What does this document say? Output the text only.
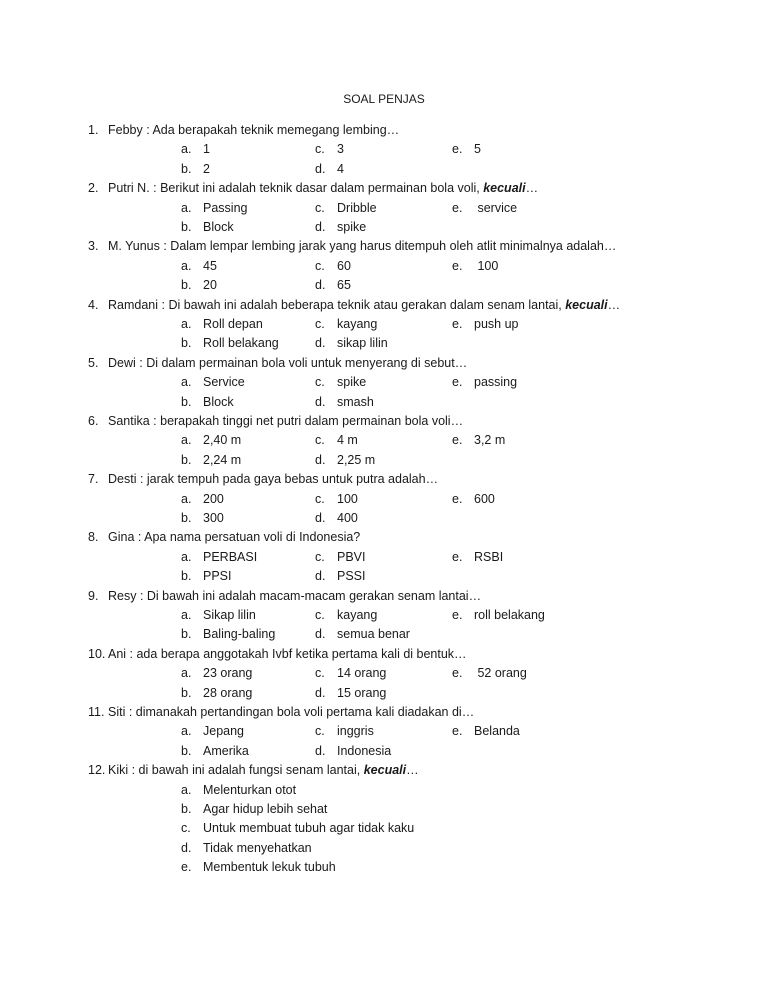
SOAL PENJAS
1. Febby : Ada berapakah teknik memegang lembing…
a. 1	c. 3	e. 5
b. 2	d. 4
2. Putri N. : Berikut ini adalah teknik dasar dalam permainan bola voli, kecuali…
a. Passing	c. Dribble	e. service
b. Block	d. spike
3. M. Yunus : Dalam lempar lembing jarak yang harus ditempuh oleh atlit minimalnya adalah…
a. 45	c. 60	e. 100
b. 20	d. 65
4. Ramdani : Di bawah ini adalah beberapa teknik atau gerakan dalam senam lantai, kecuali…
a. Roll depan	c. kayang	e. push up
b. Roll belakang	d. sikap lilin
5. Dewi : Di dalam permainan bola voli untuk menyerang di sebut…
a. Service	c. spike	e. passing
b. Block	d. smash
6. Santika : berapakah tinggi net putri dalam permainan bola voli…
a. 2,40 m	c. 4 m	e. 3,2 m
b. 2,24 m	d. 2,25 m
7. Desti : jarak tempuh pada gaya bebas untuk putra adalah…
a. 200	c. 100	e. 600
b. 300	d. 400
8. Gina : Apa nama persatuan voli di Indonesia?
a. PERBASI	c. PBVI	e. RSBI
b. PPSI	d. PSSI
9. Resy : Di bawah ini adalah macam-macam gerakan senam lantai…
a. Sikap lilin	c. kayang	e. roll belakang
b. Baling-baling	d. semua benar
10. Ani : ada berapa anggotakah Ivbf ketika pertama kali di bentuk…
a. 23 orang	c. 14 orang	e. 52 orang
b. 28 orang	d. 15 orang
11. Siti : dimanakah pertandingan bola voli pertama kali diadakan di…
a. Jepang	c. inggris	e. Belanda
b. Amerika	d. Indonesia
12. Kiki : di bawah ini adalah fungsi senam lantai, kecuali…
a. Melenturkan otot
b. Agar hidup lebih sehat
c. Untuk membuat tubuh agar tidak kaku
d. Tidak menyehatkan
e. Membentuk lekuk tubuh
